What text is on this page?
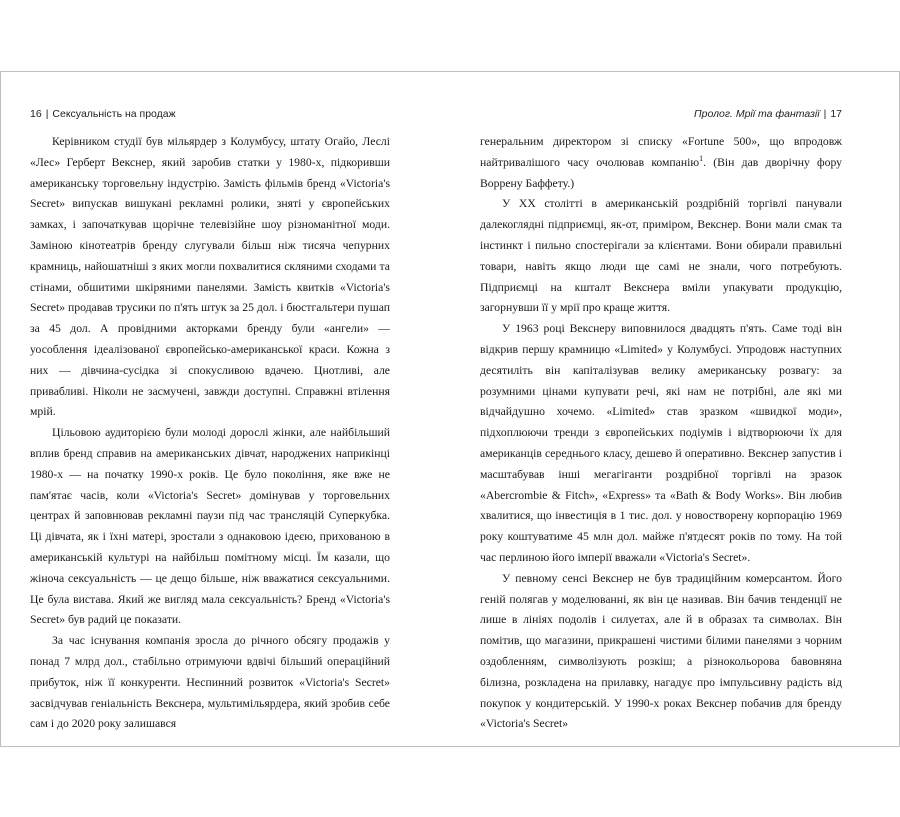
16 | Сексуальність на продаж

Керівником студії був мільярдер з Колумбусу, штату Огайо, Леслі «Лес» Герберт Векснер, який заробив статки у 1980-х, підкоривши американську торговельну індустрію. Замість фільмів бренд «Victoria's Secret» випускав вишукані рекламні ролики, зняті у європейських замках, і започаткував щорічне телевізійне шоу різноманітної моди. Заміною кінотеатрів бренду слугували більш ніж тисяча чепурних крамниць, найошатніші з яких могли похвалитися скляними сходами та стінами, обшитими шкіряними панелями. Замість квитків «Victoria's Secret» продавав трусики по п'ять штук за 25 дол. і бюстгальтери пушап за 45 дол. А провідними акторками бренду були «ангели» — уособлення ідеалізованої європейсько-американської краси. Кожна з них — дівчина-сусідка зі спокусливою вдачею. Цнотливі, але привабливі. Ніколи не засмучені, завжди доступні. Справжні втілення мрій.

Цільовою аудиторією були молоді дорослі жінки, але найбільший вплив бренд справив на американських дівчат, народжених наприкінці 1980-х — на початку 1990-х років. Це було покоління, яке вже не пам'ятає часів, коли «Victoria's Secret» домінував у торговельних центрах й заповнював рекламні паузи під час трансляцій Суперкубка. Ці дівчата, як і їхні матері, зростали з однаковою ідеєю, прихованою в американській культурі на найбільш помітному місці. Їм казали, що жіноча сексуальність — це дещо більше, ніж вважатися сексуальними. Це була вистава. Який же вигляд мала сексуальність? Бренд «Victoria's Secret» був радий це показати.

За час існування компанія зросла до річного обсягу продажів у понад 7 млрд дол., стабільно отримуючи вдвічі більший операційний прибуток, ніж її конкуренти. Неспинний розвиток «Victoria's Secret» засвідчував геніальність Векснера, мультимільярдера, який зробив себе сам і до 2020 року залишався

Пролог. Мрії та фантазії | 17

генеральним директором зі списку «Fortune 500», що впродовж найтривалішого часу очолював компанію$^1$. (Він дав дворічну фору Воррену Баффету.)

У XX столітті в американській роздрібній торгівлі панували далекоглядні підприємці, як-от, приміром, Векснер. Вони мали смак та інстинкт і пильно спостерігали за клієнтами. Вони обирали правильні товари, навіть якщо люди ще самі не знали, чого потребують. Підприємці на кшталт Векснера вміли упакувати продукцію, загорнувши її у мрії про краще життя.

У 1963 році Векснеру виповнилося двадцять п'ять. Саме тоді він відкрив першу крамницю «Limited» у Колумбусі. Упродовж наступних десятиліть він капіталізував велику американську розвагу: за розумними цінами купувати речі, які нам не потрібні, але які ми відчайдушно хочемо. «Limited» став зразком «швидкої моди», підхоплюючи тренди з європейських подіумів і відтворюючи їх для американців середнього класу, дешево й оперативно. Векснер запустив і масштабував інші мегагіганти роздрібної торгівлі на зразок «Abercrombie & Fitch», «Express» та «Bath & Body Works». Він любив хвалитися, що інвестиція в 1 тис. дол. у новостворену корпорацію 1969 року коштуватиме 45 млн дол. майже п'ятдесят років по тому. На той час перлиною його імперії вважали «Victoria's Secret».

У певному сенсі Векснер не був традиційним комерсантом. Його геній полягав у моделюванні, як він це називав. Він бачив тенденції не лише в лініях подолів і силуетах, але й в образах та символах. Він помітив, що магазини, прикрашені чистими білими панелями з чорним оздобленням, символізують розкіш; а різнокольорова бавовняна білизна, розкладена на прилавку, нагадує про імпульсивну радість від покупок у кондитерській. У 1990-х роках Векснер побачив для бренду «Victoria's Secret»
